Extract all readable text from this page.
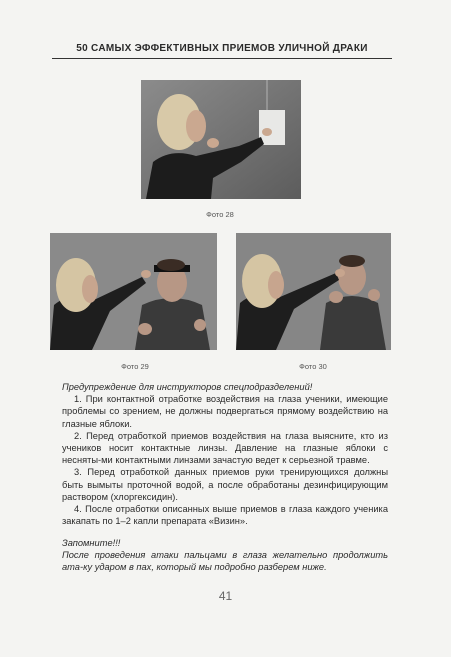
50 САМЫХ ЭФФЕКТИВНЫХ ПРИЕМОВ УЛИЧНОЙ ДРАКИ
Фото 28
Фото 29	Фото 30

Предупреждение для инструкторов спецподразделений!

1. При контактной отработке воздействия на глаза ученики, имеющие проблемы со зрением, не должны подвергаться прямому воздействию на глазные яблоки.

2. Перед отработкой приемов воздействия на глаза выясните, кто из учеников носит контактные линзы. Давление на глазные яблоки с несняты-ми контактными линзами зачастую ведет к серьезной травме.

3. Перед отработкой данных приемов руки тренирующихся должны быть вымыты проточной водой, а после обработаны дезинфицирующим раствором (хлоргексидин).

4. После отработки описанных выше приемов в глаза каждого ученика закапать по 1–2 капли препарата «Визин».

Запомните!!!

После проведения атаки пальцами в глаза желательно продолжить ата-ку ударом в пах, который мы подробно разберем ниже.

41
